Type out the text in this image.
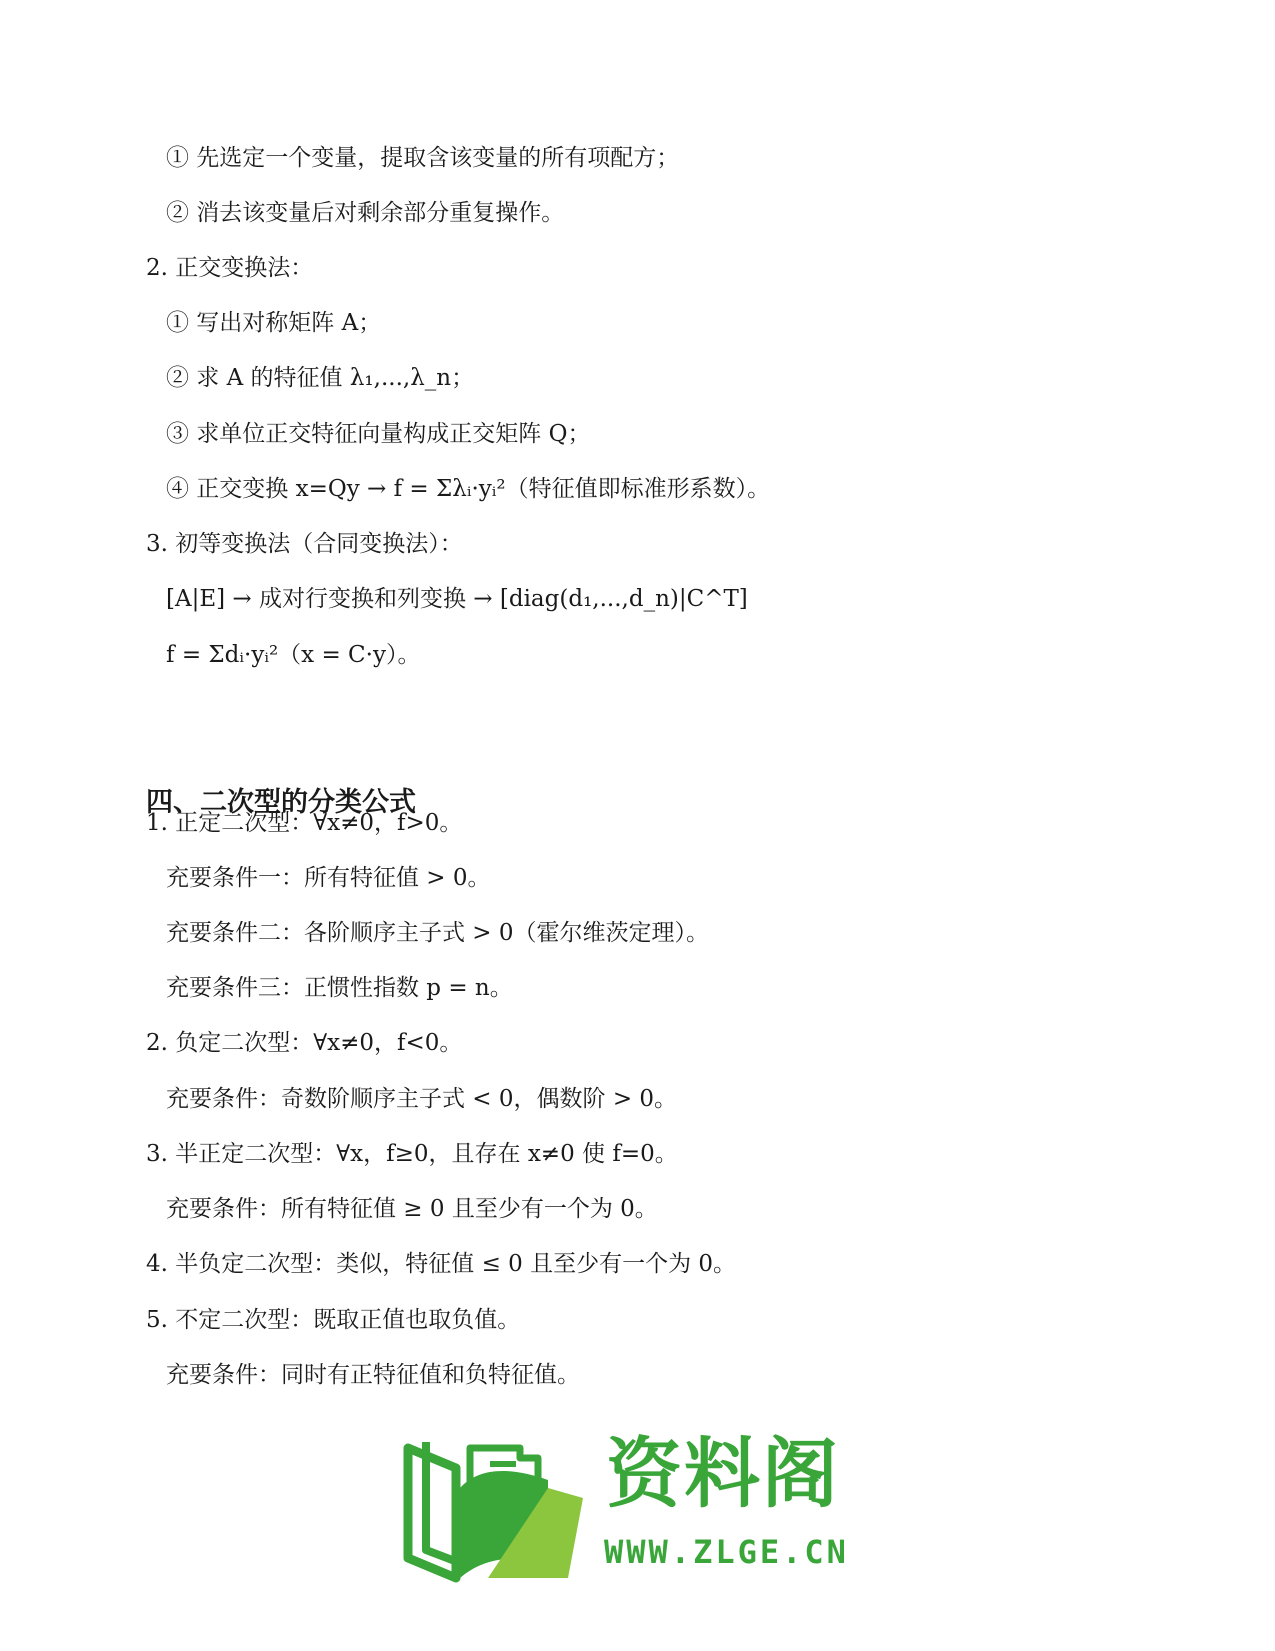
① 先选定一个变量，提取含该变量的所有项配方；
② 消去该变量后对剩余部分重复操作。
2. 正交变换法：
① 写出对称矩阵 A；
② 求 A 的特征值 λ₁,...,λ_n；
③ 求单位正交特征向量构成正交矩阵 Q；
④ 正交变换 x=Qy → f = Σλᵢ·yᵢ²（特征值即标准形系数）。
3. 初等变换法（合同变换法）：
[A|E] → 成对行变换和列变换 → [diag(d₁,...,d_n)|C^T]
f = Σdᵢ·yᵢ²（x = C·y）。
四、二次型的分类公式
1. 正定二次型：∀x≠0，f>0。
充要条件一：所有特征值 > 0。
充要条件二：各阶顺序主子式 > 0（霍尔维茨定理）。
充要条件三：正惯性指数 p = n。
2. 负定二次型：∀x≠0，f<0。
充要条件：奇数阶顺序主子式 < 0，偶数阶 > 0。
3. 半正定二次型：∀x，f≥0，且存在 x≠0 使 f=0。
充要条件：所有特征值 ≥ 0 且至少有一个为 0。
4. 半负定二次型：类似，特征值 ≤ 0 且至少有一个为 0。
5. 不定二次型：既取正值也取负值。
充要条件：同时有正特征值和负特征值。
资料阁
WWW.ZLGE.CN
